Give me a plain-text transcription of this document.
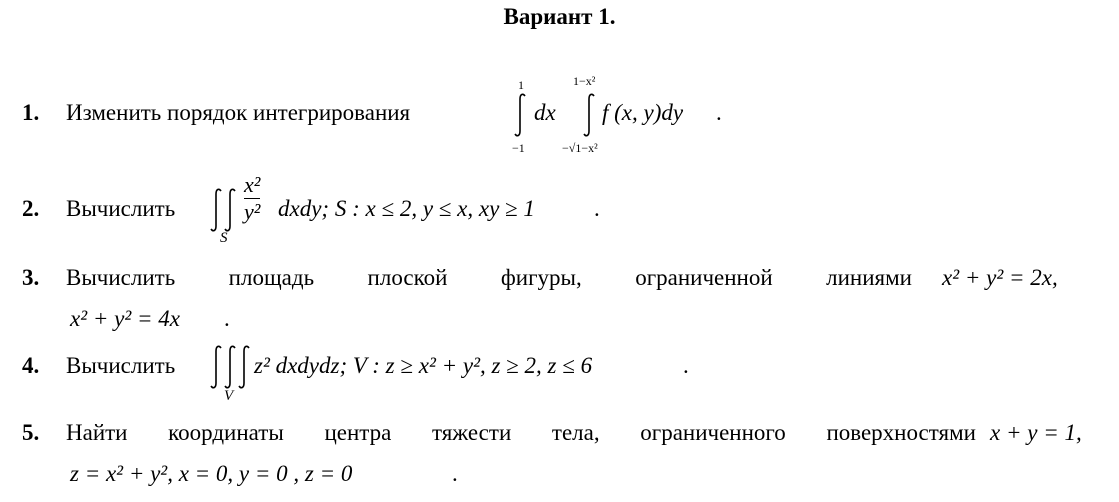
Вариант 1.
1. Изменить порядок интегрирования
1
−1
dx
1−x²
−√1−x²
f (x, y)dy .
2. Вычислить
S
x²
y² dxdy; S : x ≤ 2, y ≤ x, xy ≥ 1	.
3. Вычислить площадь плоской фигуры, ограниченной линиями x² + y² = 2x,
x² + y² = 4x .
4. Вычислить
V
z² dxdydz; V : z ≥ x² + y², z ≥ 2, z ≤ 6	.
5. Найти координаты центра тяжести тела, ограниченного поверхностями x + y = 1,
z = x² + y², x = 0, y = 0 , z = 0	.
